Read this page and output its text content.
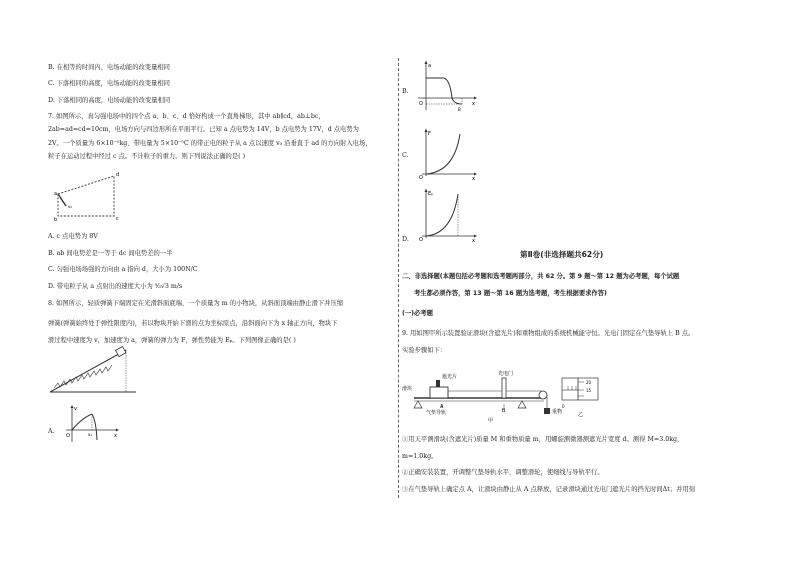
B. 在相等的时间内，电场动能的改变量相同
C. 下落相同的高度，电场动能的改变量相同
D. 下落相同的高度，电场动能的改变量相同
7. 如图所示，真匀强电场中的四个点 a、b、c、d 恰好构成一个直角梯形，其中 ab∥cd，ab⊥bc，
2ab=ad=cd=10cm，电场方向与四边形所在平面平行。已知 a 点电势为 14V，b 点电势为 17V，d 点电势为
2V。一个质量为 6×10⁻⁵kg、带电量为 5×10⁻⁵C 的带正电的粒子从 a 点以速度 v₀ 沿垂直于 ad 的方向射入电场，
粒子在运动过程中经过 c 点。不计粒子的重力。则下列说法正确的是( )
a
b	c
d
v₀
A. c 点电势为 8V
B. ab 间电势差是一等于 dc 间电势差的一半
C. 匀强电场场强的方向由 a 指向 d，大小为 100N/C
D. 带电粒子从 a 点射出的速度大小为 ⁵⁄₃√3 m/s
8. 如图所示，轻质弹簧下端固定在光滑斜面底端，一个质量为 m 的小物块，从斜面顶端由静止滑下并压缩
弹簧(弹簧始终处于弹性限度内)，若以物块开始下滑的点为坐标原点，沿斜面向下为 x 轴正方向，物块下
滑过程中速度为 v，加速度为 a，弹簧的弹力为 F，弹性势能为 Eₚ。下列图像正确的是( )
A.
v
O	x
x₁
B.
a
O	x
B
C.
F
O	x
D.
Eₚ
O	x
第Ⅱ卷(非选择题共62分)
二、非选择题(本题包括必考题和选考题两部分，共 62 分。第 9 题～第 12 题为必考题，每个试题
考生都必须作答，第 13 题～第 16 题为选考题，考生根据要求作答)
(一)必考题
9. 用如图甲所示装置验证滑块(含遮光片)和重物组成的系统机械能守恒。光电门固定在气垫导轨上 B 点。
实验步骤如下：
遮光片	光电门
滑块
气垫导轨
A
B	重物
甲
20
15
0
乙
①用天平测滑块(含遮光片)质量 M 和重物质量 m，用螺旋测微器测遮光片宽度 d。测得 M=3.0kg，
m=1.0kg。
②正确安装装置，开调整气垫导轨水平，调整滑轮，使细线与导轨平行。
③在气垫导轨上确定点 A，让滑块由静止从 A 点释放，记录滑块通过光电门遮光片的挡光时间Δt；并用刻
